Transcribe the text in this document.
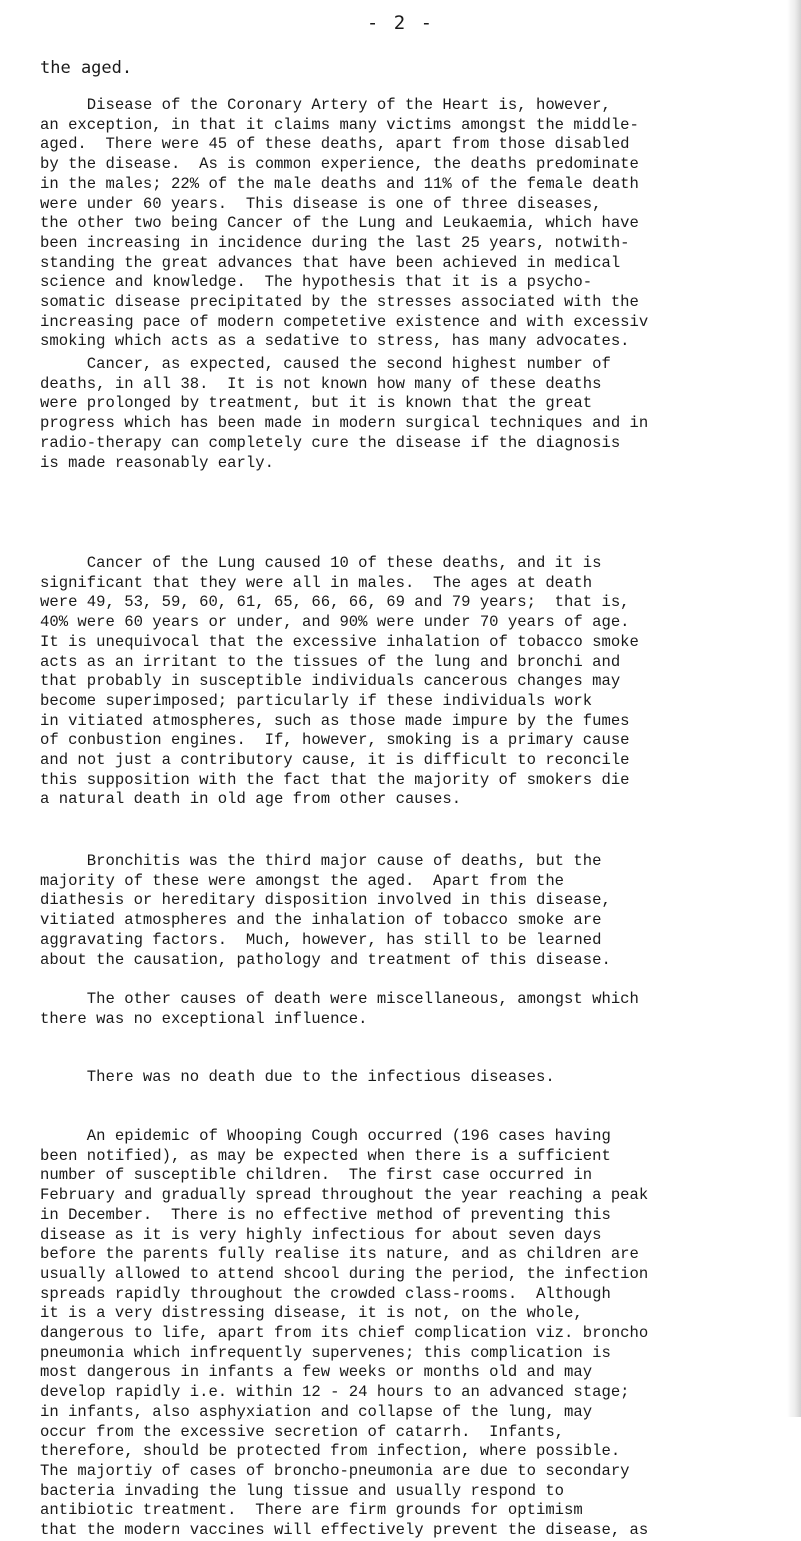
- 2 -
the aged.
Disease of the Coronary Artery of the Heart is, however,
an exception, in that it claims many victims amongst the middle-
aged.  There were 45 of these deaths, apart from those disabled
by the disease.  As is common experience, the deaths predominate
in the males; 22% of the male deaths and 11% of the female death
were under 60 years.  This disease is one of three diseases,
the other two being Cancer of the Lung and Leukaemia, which have
been increasing in incidence during the last 25 years, notwith-
standing the great advances that have been achieved in medical
science and knowledge.  The hypothesis that it is a psycho-
somatic disease precipitated by the stresses associated with the
increasing pace of modern competetive existence and with excessiv
smoking which acts as a sedative to stress, has many advocates.
Cancer, as expected, caused the second highest number of
deaths, in all 38.  It is not known how many of these deaths
were prolonged by treatment, but it is known that the great
progress which has been made in modern surgical techniques and in
radio-therapy can completely cure the disease if the diagnosis
is made reasonably early.
Cancer of the Lung caused 10 of these deaths, and it is
significant that they were all in males.  The ages at death
were 49, 53, 59, 60, 61, 65, 66, 66, 69 and 79 years;  that is,
40% were 60 years or under, and 90% were under 70 years of age.
It is unequivocal that the excessive inhalation of tobacco smoke
acts as an irritant to the tissues of the lung and bronchi and
that probably in susceptible individuals cancerous changes may
become superimposed; particularly if these individuals work
in vitiated atmospheres, such as those made impure by the fumes
of conbustion engines.  If, however, smoking is a primary cause
and not just a contributory cause, it is difficult to reconcile
this supposition with the fact that the majority of smokers die
a natural death in old age from other causes.
Bronchitis was the third major cause of deaths, but the
majority of these were amongst the aged.  Apart from the
diathesis or hereditary disposition involved in this disease,
vitiated atmospheres and the inhalation of tobacco smoke are
aggravating factors.  Much, however, has still to be learned
about the causation, pathology and treatment of this disease.
The other causes of death were miscellaneous, amongst which
there was no exceptional influence.
There was no death due to the infectious diseases.
An epidemic of Whooping Cough occurred (196 cases having
been notified), as may be expected when there is a sufficient
number of susceptible children.  The first case occurred in
February and gradually spread throughout the year reaching a peak
in December.  There is no effective method of preventing this
disease as it is very highly infectious for about seven days
before the parents fully realise its nature, and as children are
usually allowed to attend shcool during the period, the infection
spreads rapidly throughout the crowded class-rooms.  Although
it is a very distressing disease, it is not, on the whole,
dangerous to life, apart from its chief complication viz. broncho
pneumonia which infrequently supervenes; this complication is
most dangerous in infants a few weeks or months old and may
develop rapidly i.e. within 12 - 24 hours to an advanced stage;
in infants, also asphyxiation and collapse of the lung, may
occur from the excessive secretion of catarrh.  Infants,
therefore, should be protected from infection, where possible.
The majortiy of cases of broncho-pneumonia are due to secondary
bacteria invading the lung tissue and usually respond to
antibiotic treatment.  There are firm grounds for optimism
that the modern vaccines will effectively prevent the disease, as
